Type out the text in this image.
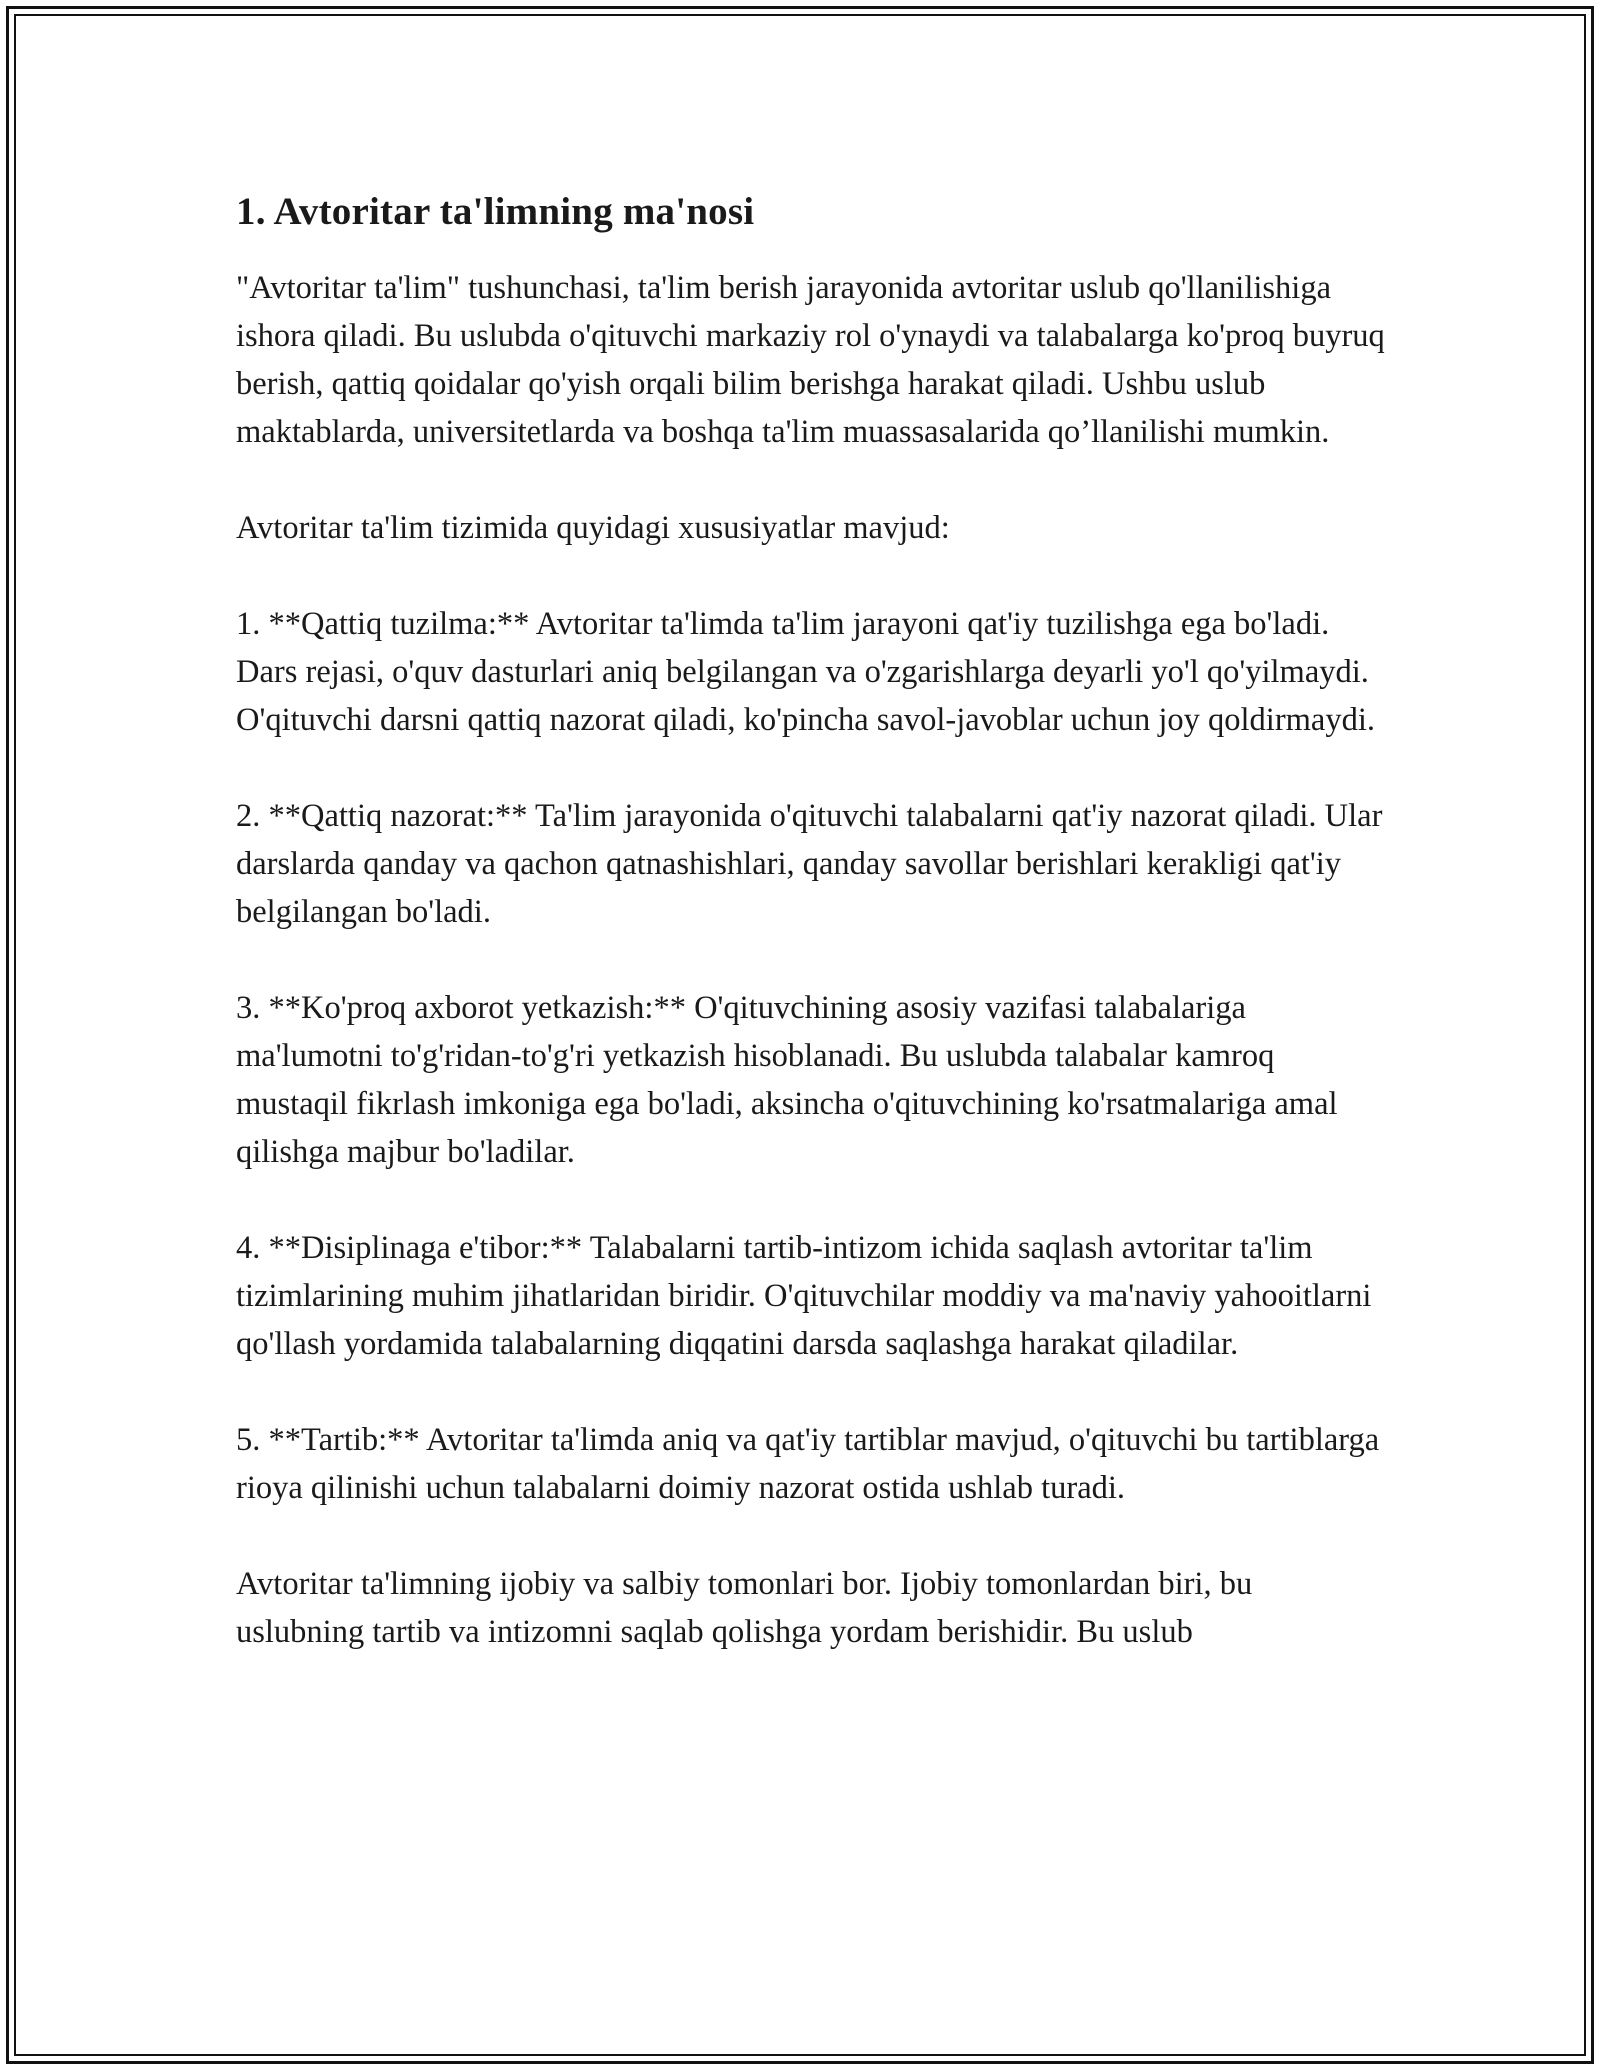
1. Avtoritar ta'limning ma'nosi

"Avtoritar ta'lim" tushunchasi, ta'lim berish jarayonida avtoritar uslub qo'llanilishiga ishora qiladi. Bu uslubda o'qituvchi markaziy rol o'ynaydi va talabalarga ko'proq buyruq berish, qattiq qoidalar qo'yish orqali bilim berishga harakat qiladi. Ushbu uslub maktablarda, universitetlarda va boshqa ta'lim muassasalarida qo’llanilishi mumkin.

Avtoritar ta'lim tizimida quyidagi xususiyatlar mavjud:

1. **Qattiq tuzilma:** Avtoritar ta'limda ta'lim jarayoni qat'iy tuzilishga ega bo'ladi. Dars rejasi, o'quv dasturlari aniq belgilangan va o'zgarishlarga deyarli yo'l qo'yilmaydi. O'qituvchi darsni qattiq nazorat qiladi, ko'pincha savol-javoblar uchun joy qoldirmaydi.

2. **Qattiq nazorat:** Ta'lim jarayonida o'qituvchi talabalarni qat'iy nazorat qiladi. Ular darslarda qanday va qachon qatnashishlari, qanday savollar berishlari kerakligi qat'iy belgilangan bo'ladi.

3. **Ko'proq axborot yetkazish:** O'qituvchining asosiy vazifasi talabalariga ma'lumotni to'g'ridan-to'g'ri yetkazish hisoblanadi. Bu uslubda talabalar kamroq mustaqil fikrlash imkoniga ega bo'ladi, aksincha o'qituvchining ko'rsatmalariga amal qilishga majbur bo'ladilar.

4. **Disiplinaga e'tibor:** Talabalarni tartib-intizom ichida saqlash avtoritar ta'lim tizimlarining muhim jihatlaridan biridir. O'qituvchilar moddiy va ma'naviy yahooitlarni qo'llash yordamida talabalarning diqqatini darsda saqlashga harakat qiladilar.

5. **Tartib:** Avtoritar ta'limda aniq va qat'iy tartiblar mavjud, o'qituvchi bu tartiblarga rioya qilinishi uchun talabalarni doimiy nazorat ostida ushlab turadi.

Avtoritar ta'limning ijobiy va salbiy tomonlari bor. Ijobiy tomonlardan biri, bu uslubning tartib va intizomni saqlab qolishga yordam berishidir. Bu uslub
